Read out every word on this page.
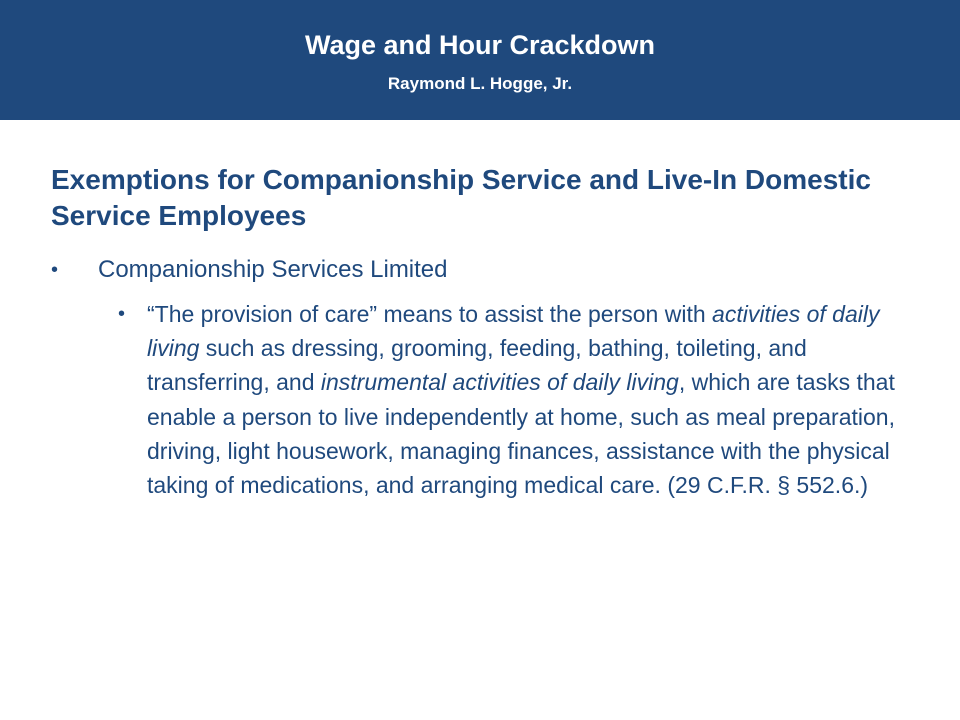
Wage and Hour Crackdown
Raymond L. Hogge, Jr.
Exemptions for Companionship Service and Live-In Domestic Service Employees
• Companionship Services Limited
• “The provision of care” means to assist the person with activities of daily living such as dressing, grooming, feeding, bathing, toileting, and transferring, and instrumental activities of daily living, which are tasks that enable a person to live independently at home, such as meal preparation, driving, light housework, managing finances, assistance with the physical taking of medications, and arranging medical care. (29 C.F.R. § 552.6.)
